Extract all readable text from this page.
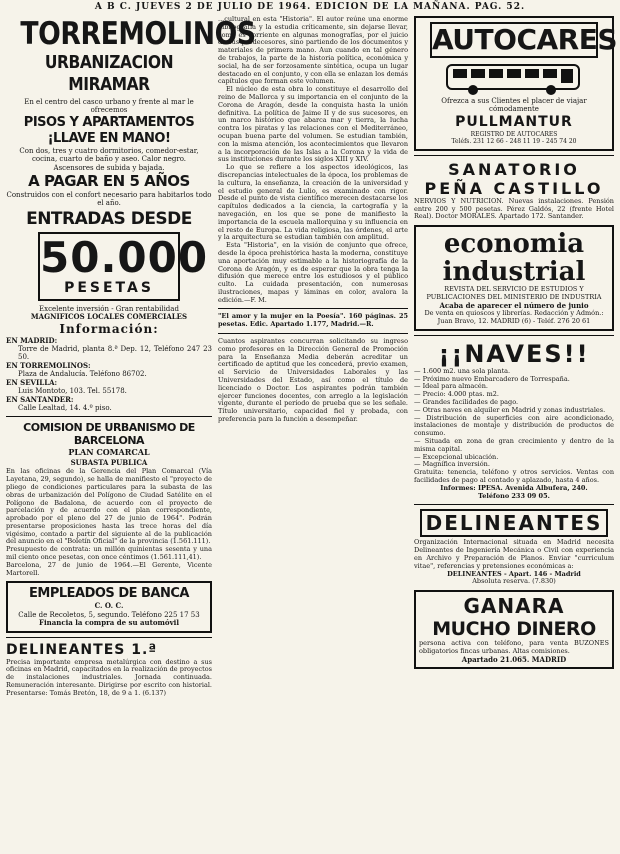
A B C. JUEVES 2 DE JULIO DE 1964. EDICION DE LA MAÑANA. PAG. 52.
TORREMOLINOS
URBANIZACION MIRAMAR

En el centro del casco urbano y frente al mar le ofrecemos

PISOS Y APARTAMENTOS
¡LLAVE EN MANO!

Con dos, tres y cuatro dormitorios, comedor-estar, cocina, cuarto de baño y aseo. Calor negro.

Ascensores de subida y bajada.

A PAGAR EN 5 AÑOS

Construidos con el confort necesario para habitarlos todo el año.

ENTRADAS DESDE
50.000
PESETAS

Excelente inversión - Gran rentabilidad

MAGNIFICOS LOCALES COMERCIALES

Información:

EN MADRID:

Torre de Madrid, planta 8.ª Dep. 12, Teléfono 247 23 50.

EN TORREMOLINOS:

Plaza de Andalucía. Teléfono 86702.

EN SEVILLA:

Luis Montoto, 103. Tel. 55178.

EN SANTANDER:

Calle Lealtad, 14. 4.º piso.

COMISION DE URBANISMO DE BARCELONA
PLAN COMARCAL
SUBASTA PUBLICA

En las oficinas de la Gerencia del Plan Comarcal (Vía Layetana, 29, segundo), se halla de manifiesto el "proyecto de pliego de condiciones particulares para la subasta de las obras de urbanización del Polígono de Ciudad Satélite en el Polígono de Badalona, de acuerdo con el proyecto de parcelación y de acuerdo con el plan correspondiente, aprobado por el pleno del 27 de junio de 1964". Podrán presentarse proposiciones hasta las trece horas del día vigésimo, contado a partir del siguiente al de la publicación del anuncio en el "Boletín Oficial" de la provincia (1.561.111).

Presupuesto de contrata: un millón quinientas sesenta y una mil ciento once pesetas, con once céntimos (1.561.111,41).

Barcelona, 27 de junio de 1964.—El Gerente, Vicente Martorell.

EMPLEADOS DE BANCA
C. O. C.
Calle de Recoletos, 5, segundo. Teléfono 225 17 53
Financia la compra de su automóvil
DELINEANTES 1.ª

Precisa importante empresa metalúrgica con destino a sus oficinas en Madrid, capacitados en la realización de proyectos de instalaciones industriales. Jornada continuada. Remuneración interesante. Dirigirse por escrito con historial. Presentarse: Tomás Bretón, 18, de 9 a 1. (6.137)

...cultural en esta "Historia". El autor reúne una enorme bibliografía y la estudia críticamente, sin dejarse llevar, como es corriente en algunas monografías, por el juicio de sus predecesores, sino partiendo de los documentos y materiales de primera mano. Aun cuando en tal género de trabajos, la parte de la historia política, económica y social, ha de ser forzosamente sintética, ocupa un lugar destacado en el conjunto, y con ella se enlazan los demás capítulos que forman este volumen.

El núcleo de esta obra lo constituye el desarrollo del reino de Mallorca y su importancia en el conjunto de la Corona de Aragón, desde la conquista hasta la unión definitiva. La política de Jaime II y de sus sucesores, en un marco histórico que abarca mar y tierra, la lucha contra los piratas y las relaciones con el Mediterráneo, ocupan buena parte del volumen. Se estudian también, con la misma atención, los acontecimientos que llevaron a la incorporación de las Islas a la Corona y la vida de sus instituciones durante los siglos XIII y XIV.

Lo que se refiere a los aspectos ideológicos, las discrepancias intelectuales de la época, los problemas de la cultura, la enseñanza, la creación de la universidad y el estudio general de Lulio, es examinado con rigor. Desde el punto de vista científico merecen destacarse los capítulos dedicados a la ciencia, la cartografía y la navegación, en los que se pone de manifiesto la importancia de la escuela mallorquina y su influencia en el resto de Europa. La vida religiosa, las órdenes, el arte y la arquitectura se estudian también con amplitud.

Esta "Historia", en la visión de conjunto que ofrece, desde la época prehistórica hasta la moderna, constituye una aportación muy estimable a la historiografía de la Corona de Aragón, y es de esperar que la obra tenga la difusión que merece entre los estudiosos y el público culto. La cuidada presentación, con numerosas ilustraciones, mapas y láminas en color, avalora la edición.—F. M.

"El amor y la mujer en la Poesía". 160 páginas. 25 pesetas. Edic. Apartado 1.177, Madrid.—R.

Cuantos aspirantes concurran solicitando su ingreso como profesores en la Dirección General de Promoción para la Enseñanza Media deberán acreditar un certificado de aptitud que les concederá, previo examen, el Servicio de Universidades Laborales y las Universidades del Estado, así como el título de licenciado o Doctor. Los aspirantes podrán también ejercer funciones docentes, con arreglo a la legislación vigente, durante el período de prueba que se les señale. Título universitario, capacidad fiel y probada, con preferencia para la función a desempeñar.

AUTOCARES

Ofrezca a sus Clientes el placer de viajar cómodamente

PULLMANTUR
REGISTRO DE AUTOCARES
Teléfs. 231 12 66 - 248 11 19 - 245 74 20
SANATORIO
PEÑA CASTILLO

NERVIOS Y NUTRICION. Nuevas instalaciones. Pensión entre 200 y 500 pesetas. Pérez Galdós, 22 (frente Hotel Real). Doctor MORALES. Apartado 172. Santander.

economia
industrial

REVISTA DEL SERVICIO DE ESTUDIOS Y PUBLICACIONES DEL MINISTERIO DE INDUSTRIA

Acaba de aparecer el número de junio

De venta en quioscos y librerías. Redacción y Admón.: Juan Bravo, 12. MADRID (6) - Teléf. 276 20 61

¡¡NAVES!!
— 1.600 m2. una sola planta.
— Próximo nuevo Embarcadero de Torrespaña.
— Ideal para almacén.
— Precio: 4.000 ptas. m2.
— Grandes facilidades de pago.
— Otras naves en alquiler en Madrid y zonas industriales.
— Distribución de superficies con aire acondicionado, instalaciones de montaje y distribución de productos de consumo.
— Situada en zona de gran crecimiento y dentro de la misma capital.
— Excepcional ubicación.
— Magnífica inversión.

Gratuita: tenencia, teléfono y otros servicios. Ventas con facilidades de pago al contado y aplazado, hasta 4 años.

Informes: IPESA. Avenida Albufera, 240.

Teléfono 233 09 05.

DELINEANTES

Organización Internacional situada en Madrid necesita Delineantes de Ingeniería Mecánica o Civil con experiencia en Archivo y Preparación de Planos. Enviar "curriculum vitae", referencias y pretensiones económicas a:

DELINEANTES - Apart. 146 - Madrid

Absoluta reserva. (7.830)

GANARA
MUCHO DINERO

persona activa con teléfono, para venta BUZONES obligatorios fincas urbanas. Altas comisiones.

Apartado 21.065. MADRID
